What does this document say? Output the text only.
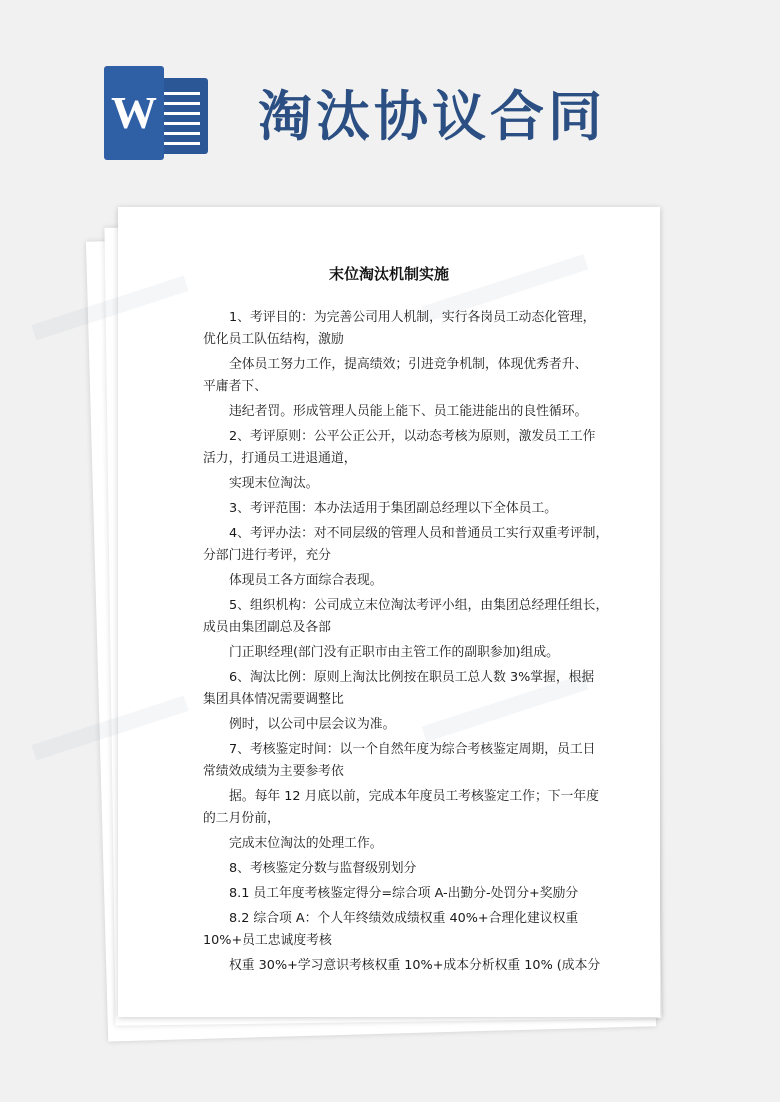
W 淘汰协议合同
末位淘汰机制实施
1、考评目的：为完善公司用人机制，实行各岗员工动态化管理，
优化员工队伍结构，激励
全体员工努力工作，提高绩效；引进竞争机制，体现优秀者升、
平庸者下、
违纪者罚。形成管理人员能上能下、员工能进能出的良性循环。
2、考评原则：公平公正公开，以动态考核为原则，激发员工工作
活力，打通员工进退通道，
实现末位淘汰。
3、考评范围：本办法适用于集团副总经理以下全体员工。
4、考评办法：对不同层级的管理人员和普通员工实行双重考评制，
分部门进行考评，充分
体现员工各方面综合表现。
5、组织机构：公司成立末位淘汰考评小组，由集团总经理任组长，
成员由集团副总及各部
门正职经理(部门没有正职市由主管工作的副职参加)组成。
6、淘汰比例：原则上淘汰比例按在职员工总人数 3%掌握，根据
集团具体情况需要调整比
例时，以公司中层会议为准。
7、考核鉴定时间：以一个自然年度为综合考核鉴定周期，员工日
常绩效成绩为主要参考依
据。每年 12 月底以前，完成本年度员工考核鉴定工作；下一年度
的二月份前，
完成末位淘汰的处理工作。
8、考核鉴定分数与监督级别划分
8.1 员工年度考核鉴定得分=综合项 A-出勤分-处罚分+奖励分
8.2 综合项 A：个人年终绩效成绩权重 40%+合理化建议权重
10%+员工忠诚度考核
权重 30%+学习意识考核权重 10%+成本分析权重 10% (成本分
